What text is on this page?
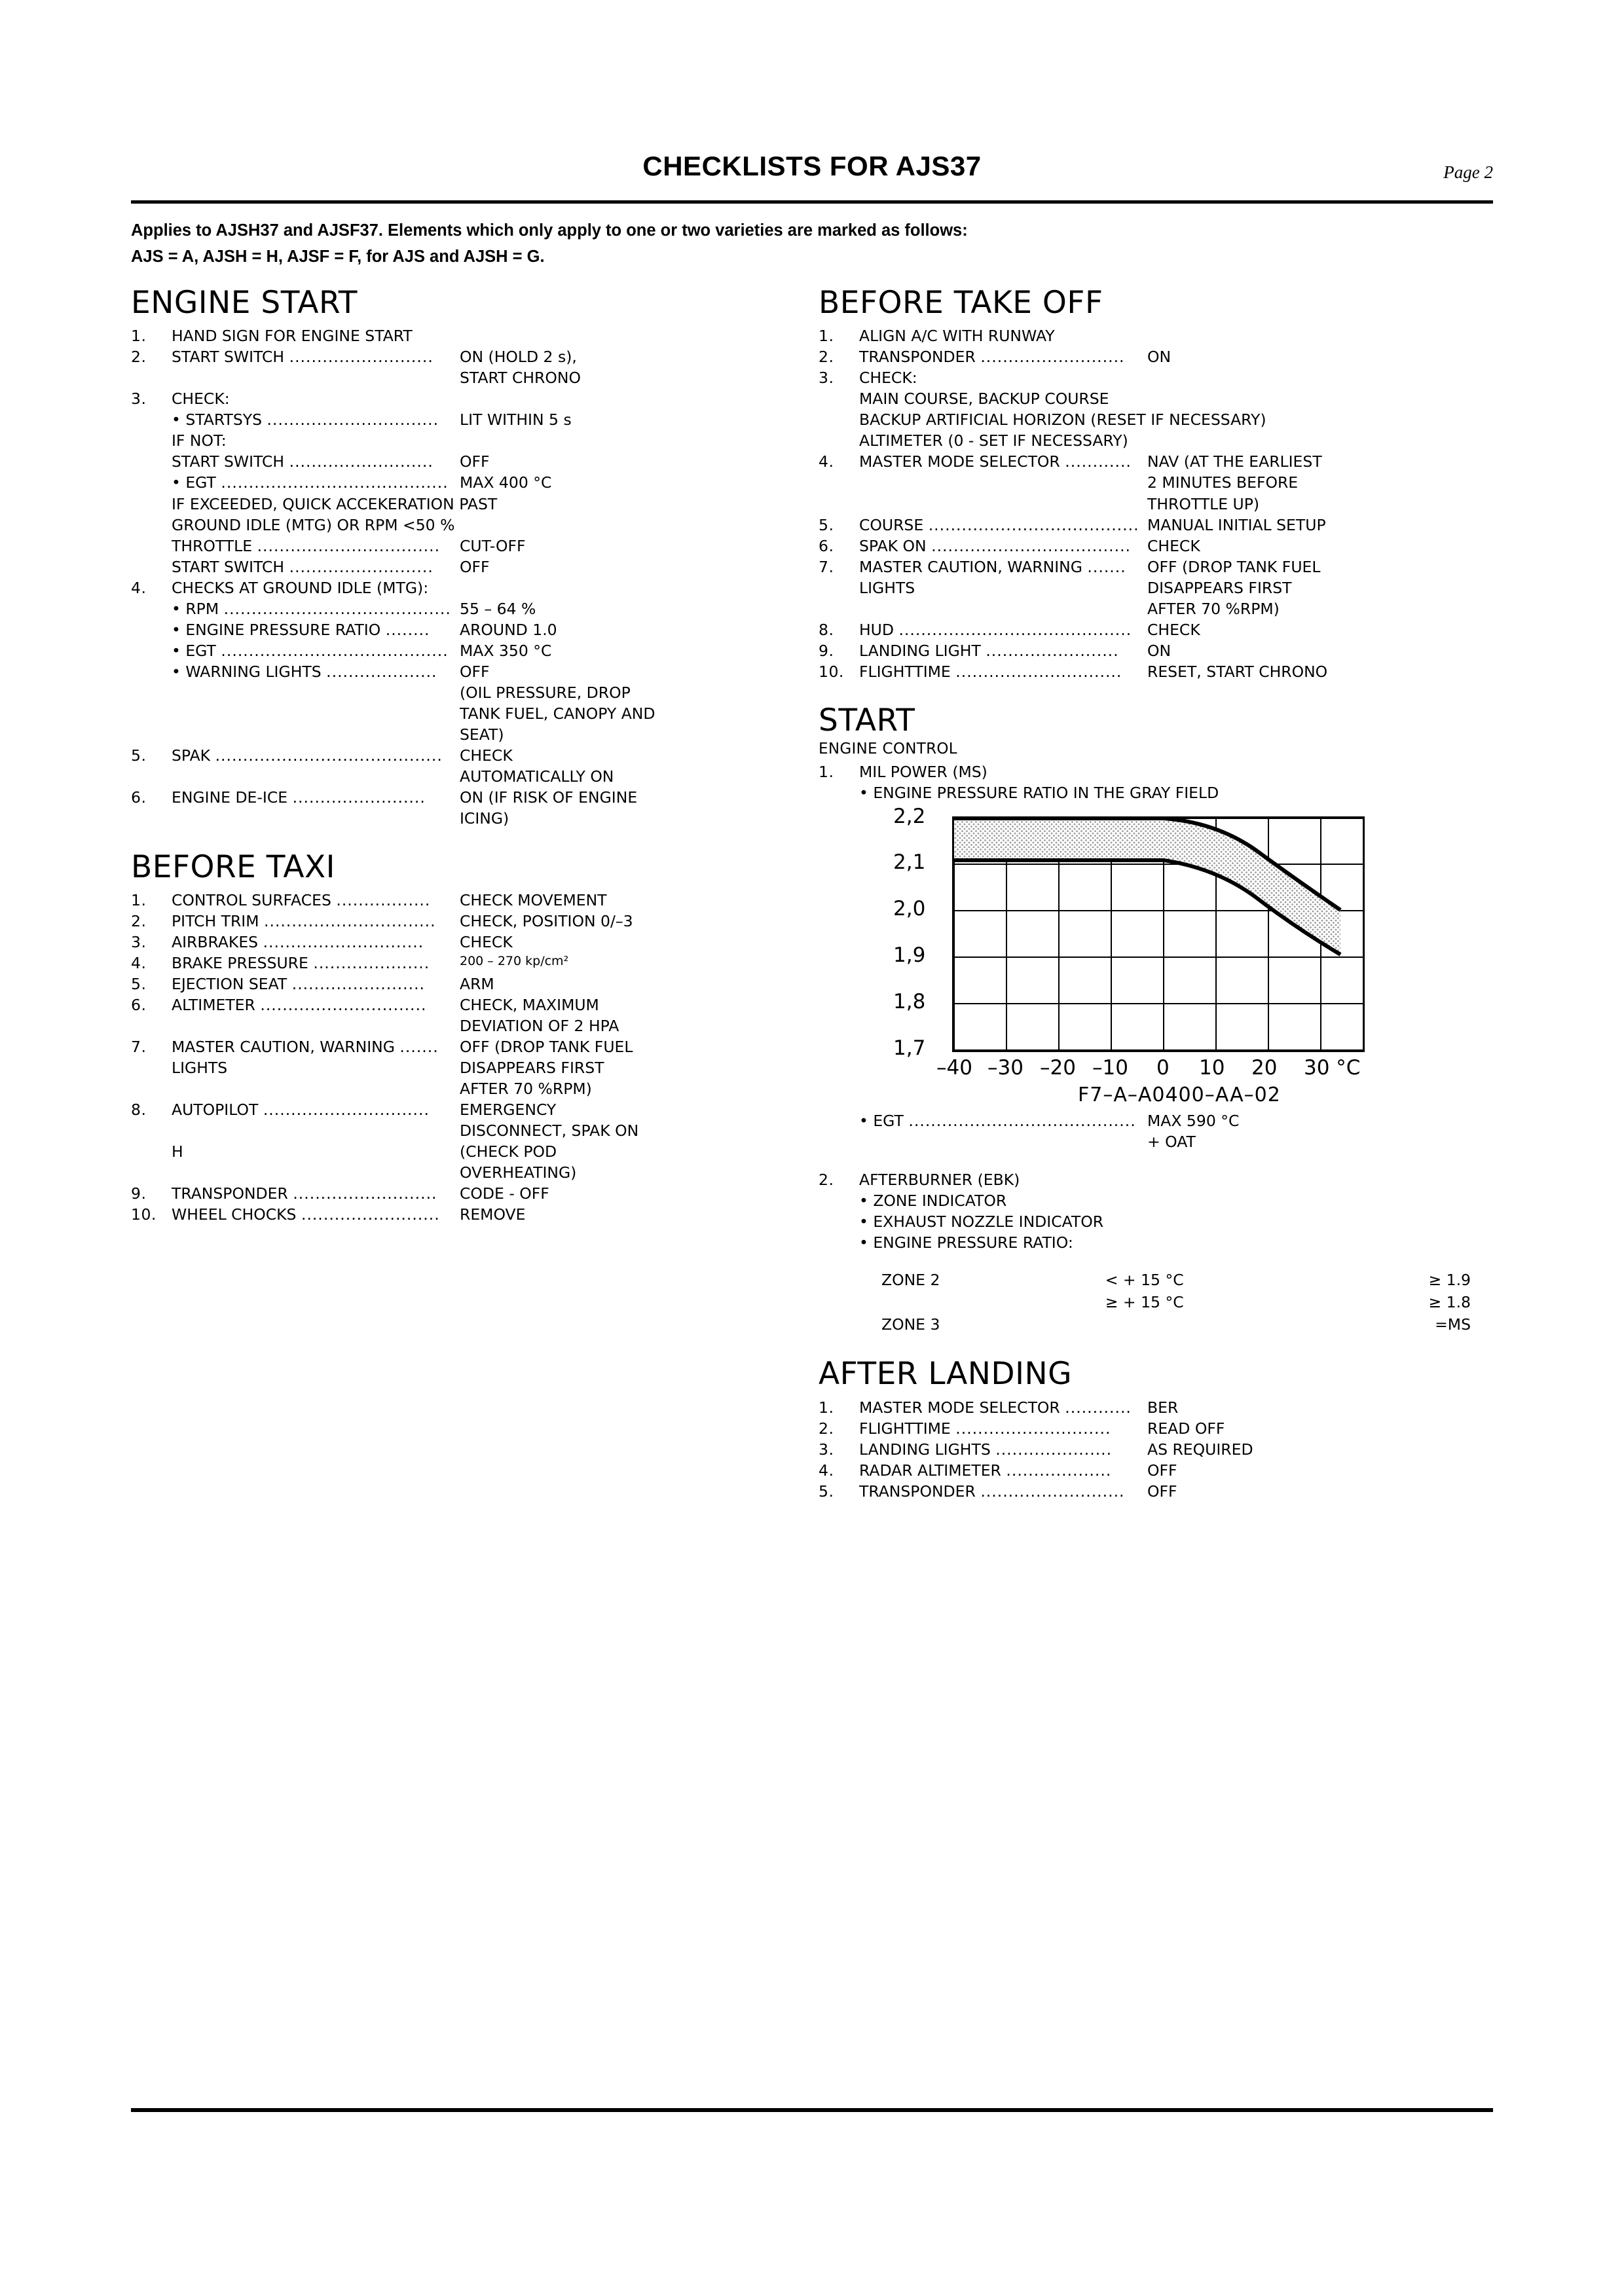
CHECKLISTS FOR AJS37	Page 2
Applies to AJSH37 and AJSF37. Elements which only apply to one or two varieties are marked as follows:
AJS = A, AJSH = H, AJSF = F, for AJS and AJSH = G.
ENGINE START
1.	HAND SIGN FOR ENGINE START	
2.	START SWITCH ..........................	ON (HOLD 2 s),
		START CHRONO
3.	CHECK:	
	• STARTSYS ...............................	LIT WITHIN 5 s
	IF NOT:	
	START SWITCH ..........................	OFF
	• EGT .........................................	MAX 400 °C
	IF EXCEEDED, QUICK ACCEKERATION PAST	
	GROUND IDLE (MTG) OR RPM <50 %	
	THROTTLE .................................	CUT-OFF
	START SWITCH ..........................	OFF
4.	CHECKS AT GROUND IDLE (MTG):	
	• RPM .........................................	55 – 64 %
	• ENGINE PRESSURE RATIO ........	AROUND 1.0
	• EGT .........................................	MAX 350 °C
	• WARNING LIGHTS ....................	OFF
		(OIL PRESSURE, DROP
		TANK FUEL, CANOPY AND
		SEAT)
5.	SPAK .........................................	CHECK
		AUTOMATICALLY ON
6.	ENGINE DE-ICE ........................	ON (IF RISK OF ENGINE
		ICING)
BEFORE TAXI
1.	CONTROL SURFACES .................	CHECK MOVEMENT
2.	PITCH TRIM ...............................	CHECK, POSITION 0/–3
3.	AIRBRAKES .............................	CHECK
4.	BRAKE PRESSURE .....................	200 – 270 kp/cm²
5.	EJECTION SEAT ........................	ARM
6.	ALTIMETER ..............................	CHECK, MAXIMUM
		DEVIATION OF 2 HPA
7.	MASTER CAUTION, WARNING .......	OFF (DROP TANK FUEL
	LIGHTS	DISAPPEARS FIRST
		AFTER 70 %RPM)
8.	AUTOPILOT ..............................	EMERGENCY
		DISCONNECT, SPAK ON
	H	(CHECK POD
		OVERHEATING)
9.	TRANSPONDER ..........................	CODE - OFF
10.	WHEEL CHOCKS .........................	REMOVE
BEFORE TAKE OFF
1.	ALIGN A/C WITH RUNWAY	
2.	TRANSPONDER ..........................	ON
3.	CHECK:	
	MAIN COURSE, BACKUP COURSE	
	BACKUP ARTIFICIAL HORIZON (RESET IF NECESSARY)	
	ALTIMETER (0 - SET IF NECESSARY)	
4.	MASTER MODE SELECTOR ............	NAV (AT THE EARLIEST
		2 MINUTES BEFORE
		THROTTLE UP)
5.	COURSE ......................................	MANUAL INITIAL SETUP
6.	SPAK ON ....................................	CHECK
7.	MASTER CAUTION, WARNING .......	OFF (DROP TANK FUEL
	LIGHTS	DISAPPEARS FIRST
		AFTER 70 %RPM)
8.	HUD ..........................................	CHECK
9.	LANDING LIGHT ........................	ON
10.	FLIGHTTIME ..............................	RESET, START CHRONO
START
ENGINE CONTROL
1.	MIL POWER (MS)
	• ENGINE PRESSURE RATIO IN THE GRAY FIELD
2,2
2,1
2,0
1,9
1,8
1,7
–40 –30 –20 –10 0 10 20 30 °C
F7–A–A0400–AA–02
	• EGT .........................................	MAX 590 °C
		+ OAT

2.	AFTERBURNER (EBK)	
	• ZONE INDICATOR	
	• EXHAUST NOZZLE INDICATOR	
	• ENGINE PRESSURE RATIO:	
ZONE 2	< + 15 °C	≥ 1.9
	≥ + 15 °C	≥ 1.8
ZONE 3		=MS
AFTER LANDING
1.	MASTER MODE SELECTOR ............	BER
2.	FLIGHTTIME ............................	READ OFF
3.	LANDING LIGHTS .....................	AS REQUIRED
4.	RADAR ALTIMETER ...................	OFF
5.	TRANSPONDER ..........................	OFF
